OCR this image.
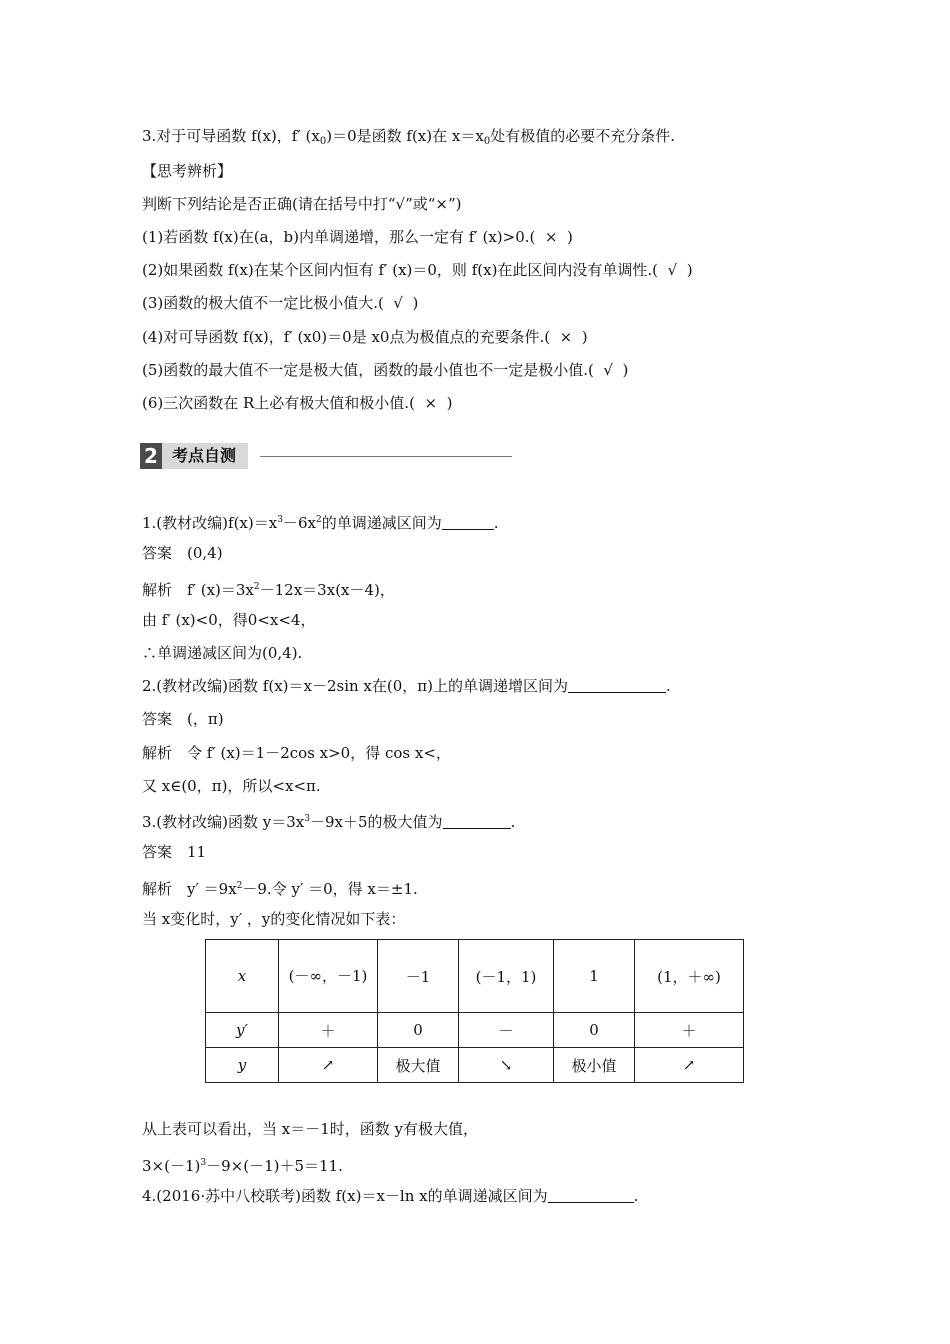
3.对于可导函数 f(x)，f′ $(x_0)=0$是函数 f(x)在 $x=x_0$处有极值的必要不充分条件.
【思考辨析】
判断下列结论是否正确(请在括号中打“√”或“×”)
(1)若函数 f(x)在(a，b)内单调递增，那么一定有 f′ (x)>0.( × )
(2)如果函数 f(x)在某个区间内恒有 f′ (x)＝0，则 f(x)在此区间内没有单调性.( √ )
(3)函数的极大值不一定比极小值大.( √ )
(4)对可导函数 f(x)，f′ (x0)＝0是 x0点为极值点的充要条件.( × )
(5)函数的最大值不一定是极大值，函数的最小值也不一定是极小值.( √ )
(6)三次函数在 R上必有极大值和极小值.( × )
2 考点自测
1.(教材改编)$f(x)=x^3-6x^2$的单调递减区间为	.
答案　(0,4)
解析　f′ $(x)=3x^2-12x=3x(x-4)$，
由 f′ (x)<0，得0<x<4，
∴单调递减区间为(0,4).
2.(教材改编)函数 f(x)＝x－2sin x在(0，π)上的单调递增区间为	.
答案　(，π)
解析　令 f′ (x)＝1－2cos x>0，得 cos x<，
又 x∈(0，π)，所以<x<π.
3.(教材改编)函数 $y=3x^3-9x+5$的极大值为	.
答案　11
解析　$y' =9x^2-9$.令 y′ ＝0，得 x＝±1.
当 x变化时，y′ ，y的变化情况如下表：
x	(－∞，－1)	－1	(－1，1)	1	(1，＋∞)
y′	＋	0	－	0	＋
y	↗	极大值	↘	极小值	↗
从上表可以看出，当 x＝－1时，函数 y有极大值，
$3\times(-1)^3-9\times(-1)+5=11$.
4.(2016·苏中八校联考)函数 f(x)＝x－ln x的单调递减区间为	.
